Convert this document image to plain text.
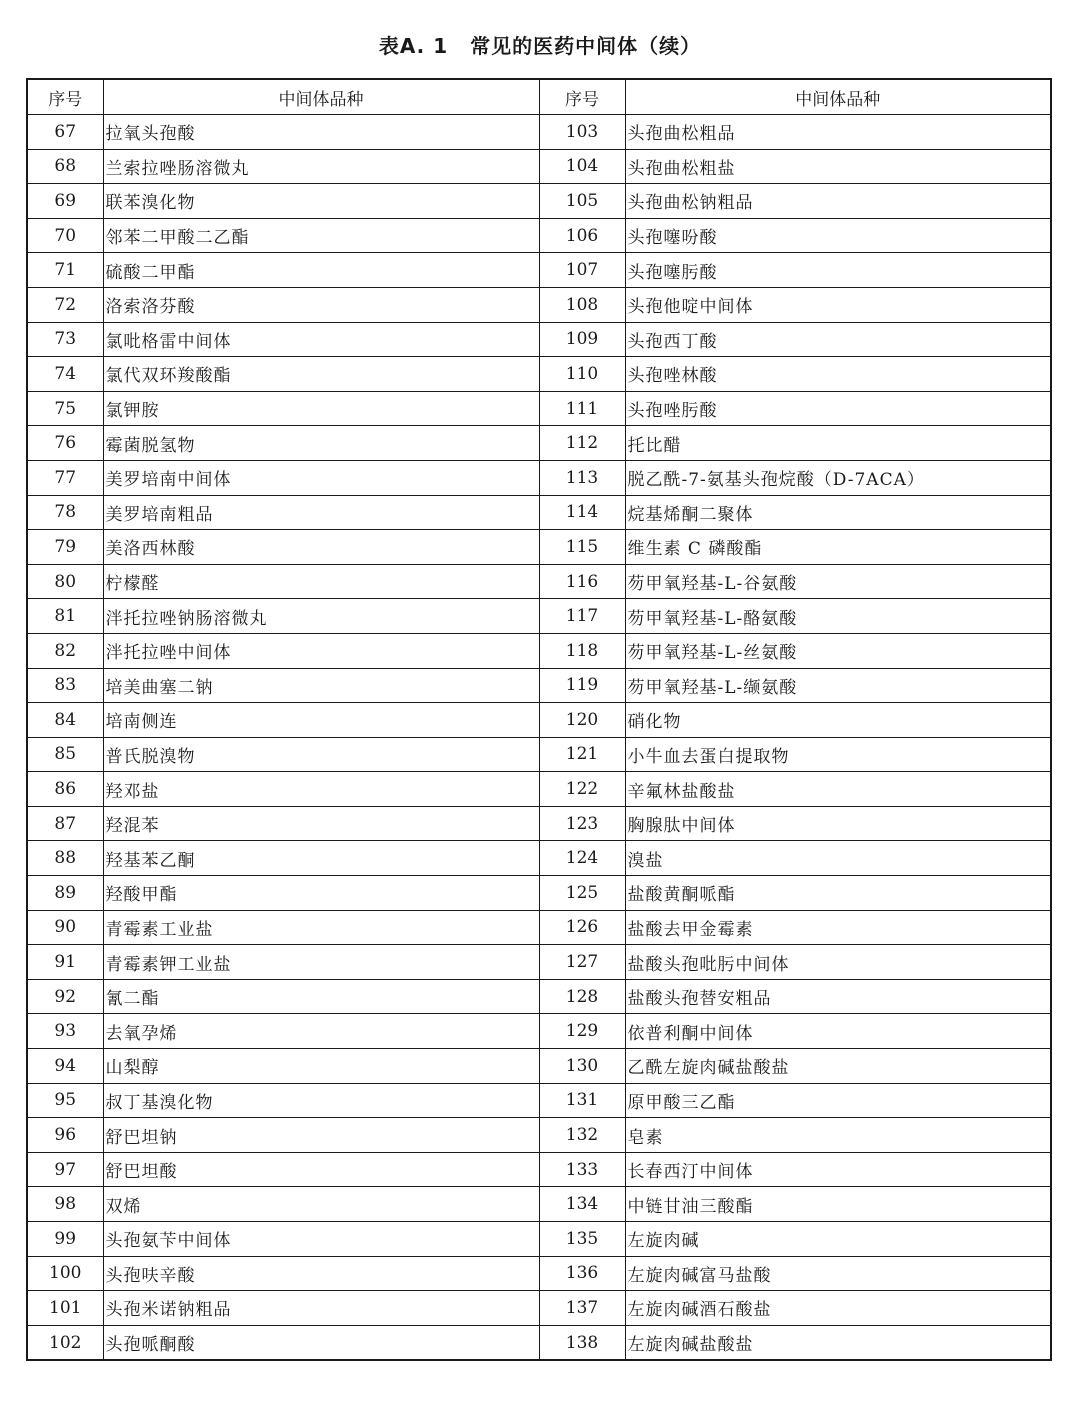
表A. 1 常见的医药中间体（续）
序号	中间体品种	序号	中间体品种
67	拉氧头孢酸	103	头孢曲松粗品
68	兰索拉唑肠溶微丸	104	头孢曲松粗盐
69	联苯溴化物	105	头孢曲松钠粗品
70	邻苯二甲酸二乙酯	106	头孢噻吩酸
71	硫酸二甲酯	107	头孢噻肟酸
72	洛索洛芬酸	108	头孢他啶中间体
73	氯吡格雷中间体	109	头孢西丁酸
74	氯代双环羧酸酯	110	头孢唑林酸
75	氯钾胺	111	头孢唑肟酸
76	霉菌脱氢物	112	托比醋
77	美罗培南中间体	113	脱乙酰-7-氨基头孢烷酸（D-7ACA）
78	美罗培南粗品	114	烷基烯酮二聚体
79	美洛西林酸	115	维生素 C 磷酸酯
80	柠檬醛	116	芴甲氧羟基-L-谷氨酸
81	泮托拉唑钠肠溶微丸	117	芴甲氧羟基-L-酪氨酸
82	泮托拉唑中间体	118	芴甲氧羟基-L-丝氨酸
83	培美曲塞二钠	119	芴甲氧羟基-L-缬氨酸
84	培南侧连	120	硝化物
85	普氏脱溴物	121	小牛血去蛋白提取物
86	羟邓盐	122	辛氟林盐酸盐
87	羟混苯	123	胸腺肽中间体
88	羟基苯乙酮	124	溴盐
89	羟酸甲酯	125	盐酸黄酮哌酯
90	青霉素工业盐	126	盐酸去甲金霉素
91	青霉素钾工业盐	127	盐酸头孢吡肟中间体
92	氰二酯	128	盐酸头孢替安粗品
93	去氧孕烯	129	依普利酮中间体
94	山梨醇	130	乙酰左旋肉碱盐酸盐
95	叔丁基溴化物	131	原甲酸三乙酯
96	舒巴坦钠	132	皂素
97	舒巴坦酸	133	长春西汀中间体
98	双烯	134	中链甘油三酸酯
99	头孢氨苄中间体	135	左旋肉碱
100	头孢呋辛酸	136	左旋肉碱富马盐酸
101	头孢米诺钠粗品	137	左旋肉碱酒石酸盐
102	头孢哌酮酸	138	左旋肉碱盐酸盐
